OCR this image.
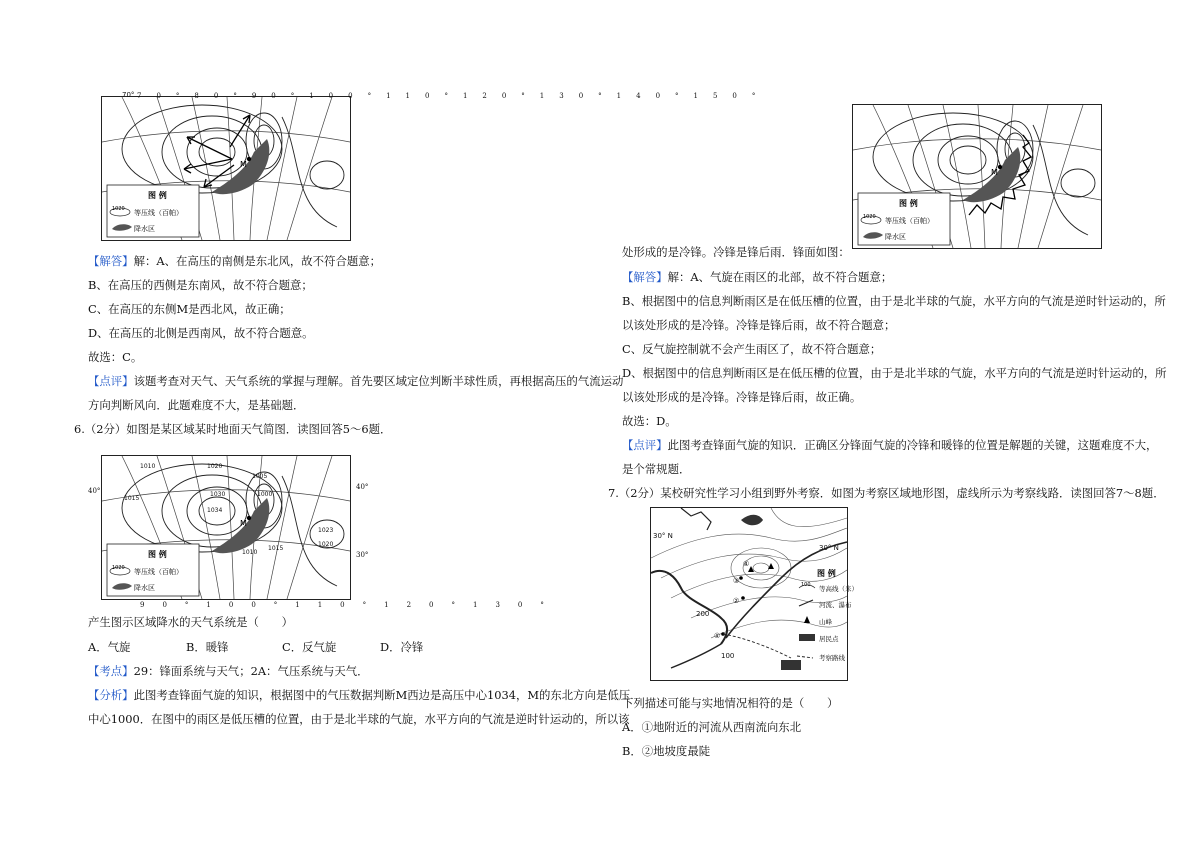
M
70°
图 例
1020 等压线（百帕）
降水区
70°80°90°100°110°120°130°140°150°
【解答】解：A、在高压的南侧是东北风，故不符合题意；
B、在高压的西侧是东南风，故不符合题意；
C、在高压的东侧M是西北风，故正确；
D、在高压的北侧是西南风，故不符合题意。
故选：C。
【点评】该题考查对天气、天气系统的掌握与理解。首先要区域定位判断半球性质，再根据高压的气流运动
方向判断风向．此题难度不大，是基础题．
6.（2分）如图是某区域某时地面天气简图．读图回答5～6题．
1010
1015
1020
1030
1034
1005
1000
1010
1015
1023
1020
M
图 例
1020 等压线（百帕）
降水区
40°	40°
30°
90°100°110°120°130°
产生图示区域降水的天气系统是（　　）
A．气旋	B．暖锋	C．反气旋	D．冷锋
【考点】29：锋面系统与天气；2A：气压系统与天气．
【分析】此图考查锋面气旋的知识，根据图中的气压数据判断M西边是高压中心1034，M的东北方向是低压
中心1000．在图中的雨区是低压槽的位置，由于是北半球的气旋，水平方向的气流是逆时针运动的，所以该
M
图 例
1020 等压线（百帕）
降水区
处形成的是冷锋。冷锋是锋后雨．锋面如图：
【解答】解：A、气旋在雨区的北部，故不符合题意；
B、根据图中的信息判断雨区是在低压槽的位置，由于是北半球的气旋，水平方向的气流是逆时针运动的，所
以该处形成的是冷锋。冷锋是锋后雨，故不符合题意；
C、反气旋控制就不会产生雨区了，故不符合题意；
D、根据图中的信息判断雨区是在低压槽的位置，由于是北半球的气旋，水平方向的气流是逆时针运动的，所
以该处形成的是冷锋。冷锋是锋后雨，故正确。
故选：D。
【点评】此图考查锋面气旋的知识．正确区分锋面气旋的冷锋和暖锋的位置是解题的关键，这题难度不大，
是个常规题．
7.（2分）某校研究性学习小组到野外考察．如图为考察区域地形图，虚线所示为考察线路．读图回答7～8题．
30° N
30° N
200
100
①
②
③
④
图 例
100 等高线（米）
河流、瀑布
山峰
居民点
考察路线
下列描述可能与实地情况相符的是（　　）
A．①地附近的河流从西南流向东北
B．②地坡度最陡
